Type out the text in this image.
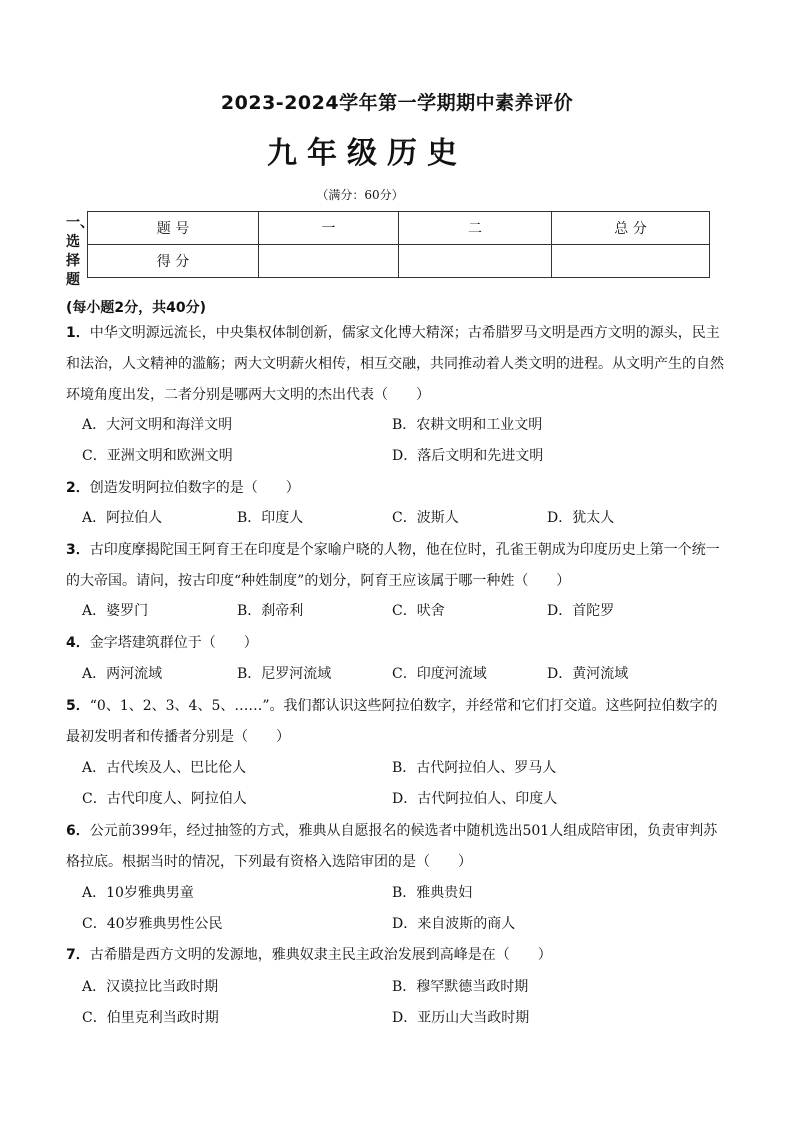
2023-2024学年第一学期期中素养评价
九年级历史
（满分：60分）
一、选择题
题 号	一	二	总 分
得 分			
(每小题2分，共40分)
1．中华文明源远流长，中央集权体制创新，儒家文化博大精深；古希腊罗马文明是西方文明的源头，民主和法治，人文精神的滥觞；两大文明薪火相传，相互交融，共同推动着人类文明的进程。从文明产生的自然环境角度出发，二者分别是哪两大文明的杰出代表（　　）
A．大河文明和海洋文明	B．农耕文明和工业文明
C．亚洲文明和欧洲文明	D．落后文明和先进文明
2．创造发明阿拉伯数字的是（　　）
A．阿拉伯人	B．印度人	C．波斯人	D．犹太人
3．古印度摩揭陀国王阿育王在印度是个家喻户晓的人物，他在位时，孔雀王朝成为印度历史上第一个统一的大帝国。请问，按古印度“种姓制度”的划分，阿育王应该属于哪一种姓（　　）
A．婆罗门	B．刹帝利	C．吠舍	D．首陀罗
4．金字塔建筑群位于（　　）
A．两河流域	B．尼罗河流域	C．印度河流域	D．黄河流域
5．“0、1、2、3、4、5、……”。我们都认识这些阿拉伯数字，并经常和它们打交道。这些阿拉伯数字的最初发明者和传播者分别是（　　）
A．古代埃及人、巴比伦人	B．古代阿拉伯人、罗马人
C．古代印度人、阿拉伯人	D．古代阿拉伯人、印度人
6．公元前399年，经过抽签的方式，雅典从自愿报名的候选者中随机选出501人组成陪审团，负责审判苏格拉底。根据当时的情况，下列最有资格入选陪审团的是（　　）
A．10岁雅典男童	B．雅典贵妇
C．40岁雅典男性公民	D．来自波斯的商人
7．古希腊是西方文明的发源地，雅典奴隶主民主政治发展到高峰是在（　　）
A．汉谟拉比当政时期	B．穆罕默德当政时期
C．伯里克利当政时期	D．亚历山大当政时期
